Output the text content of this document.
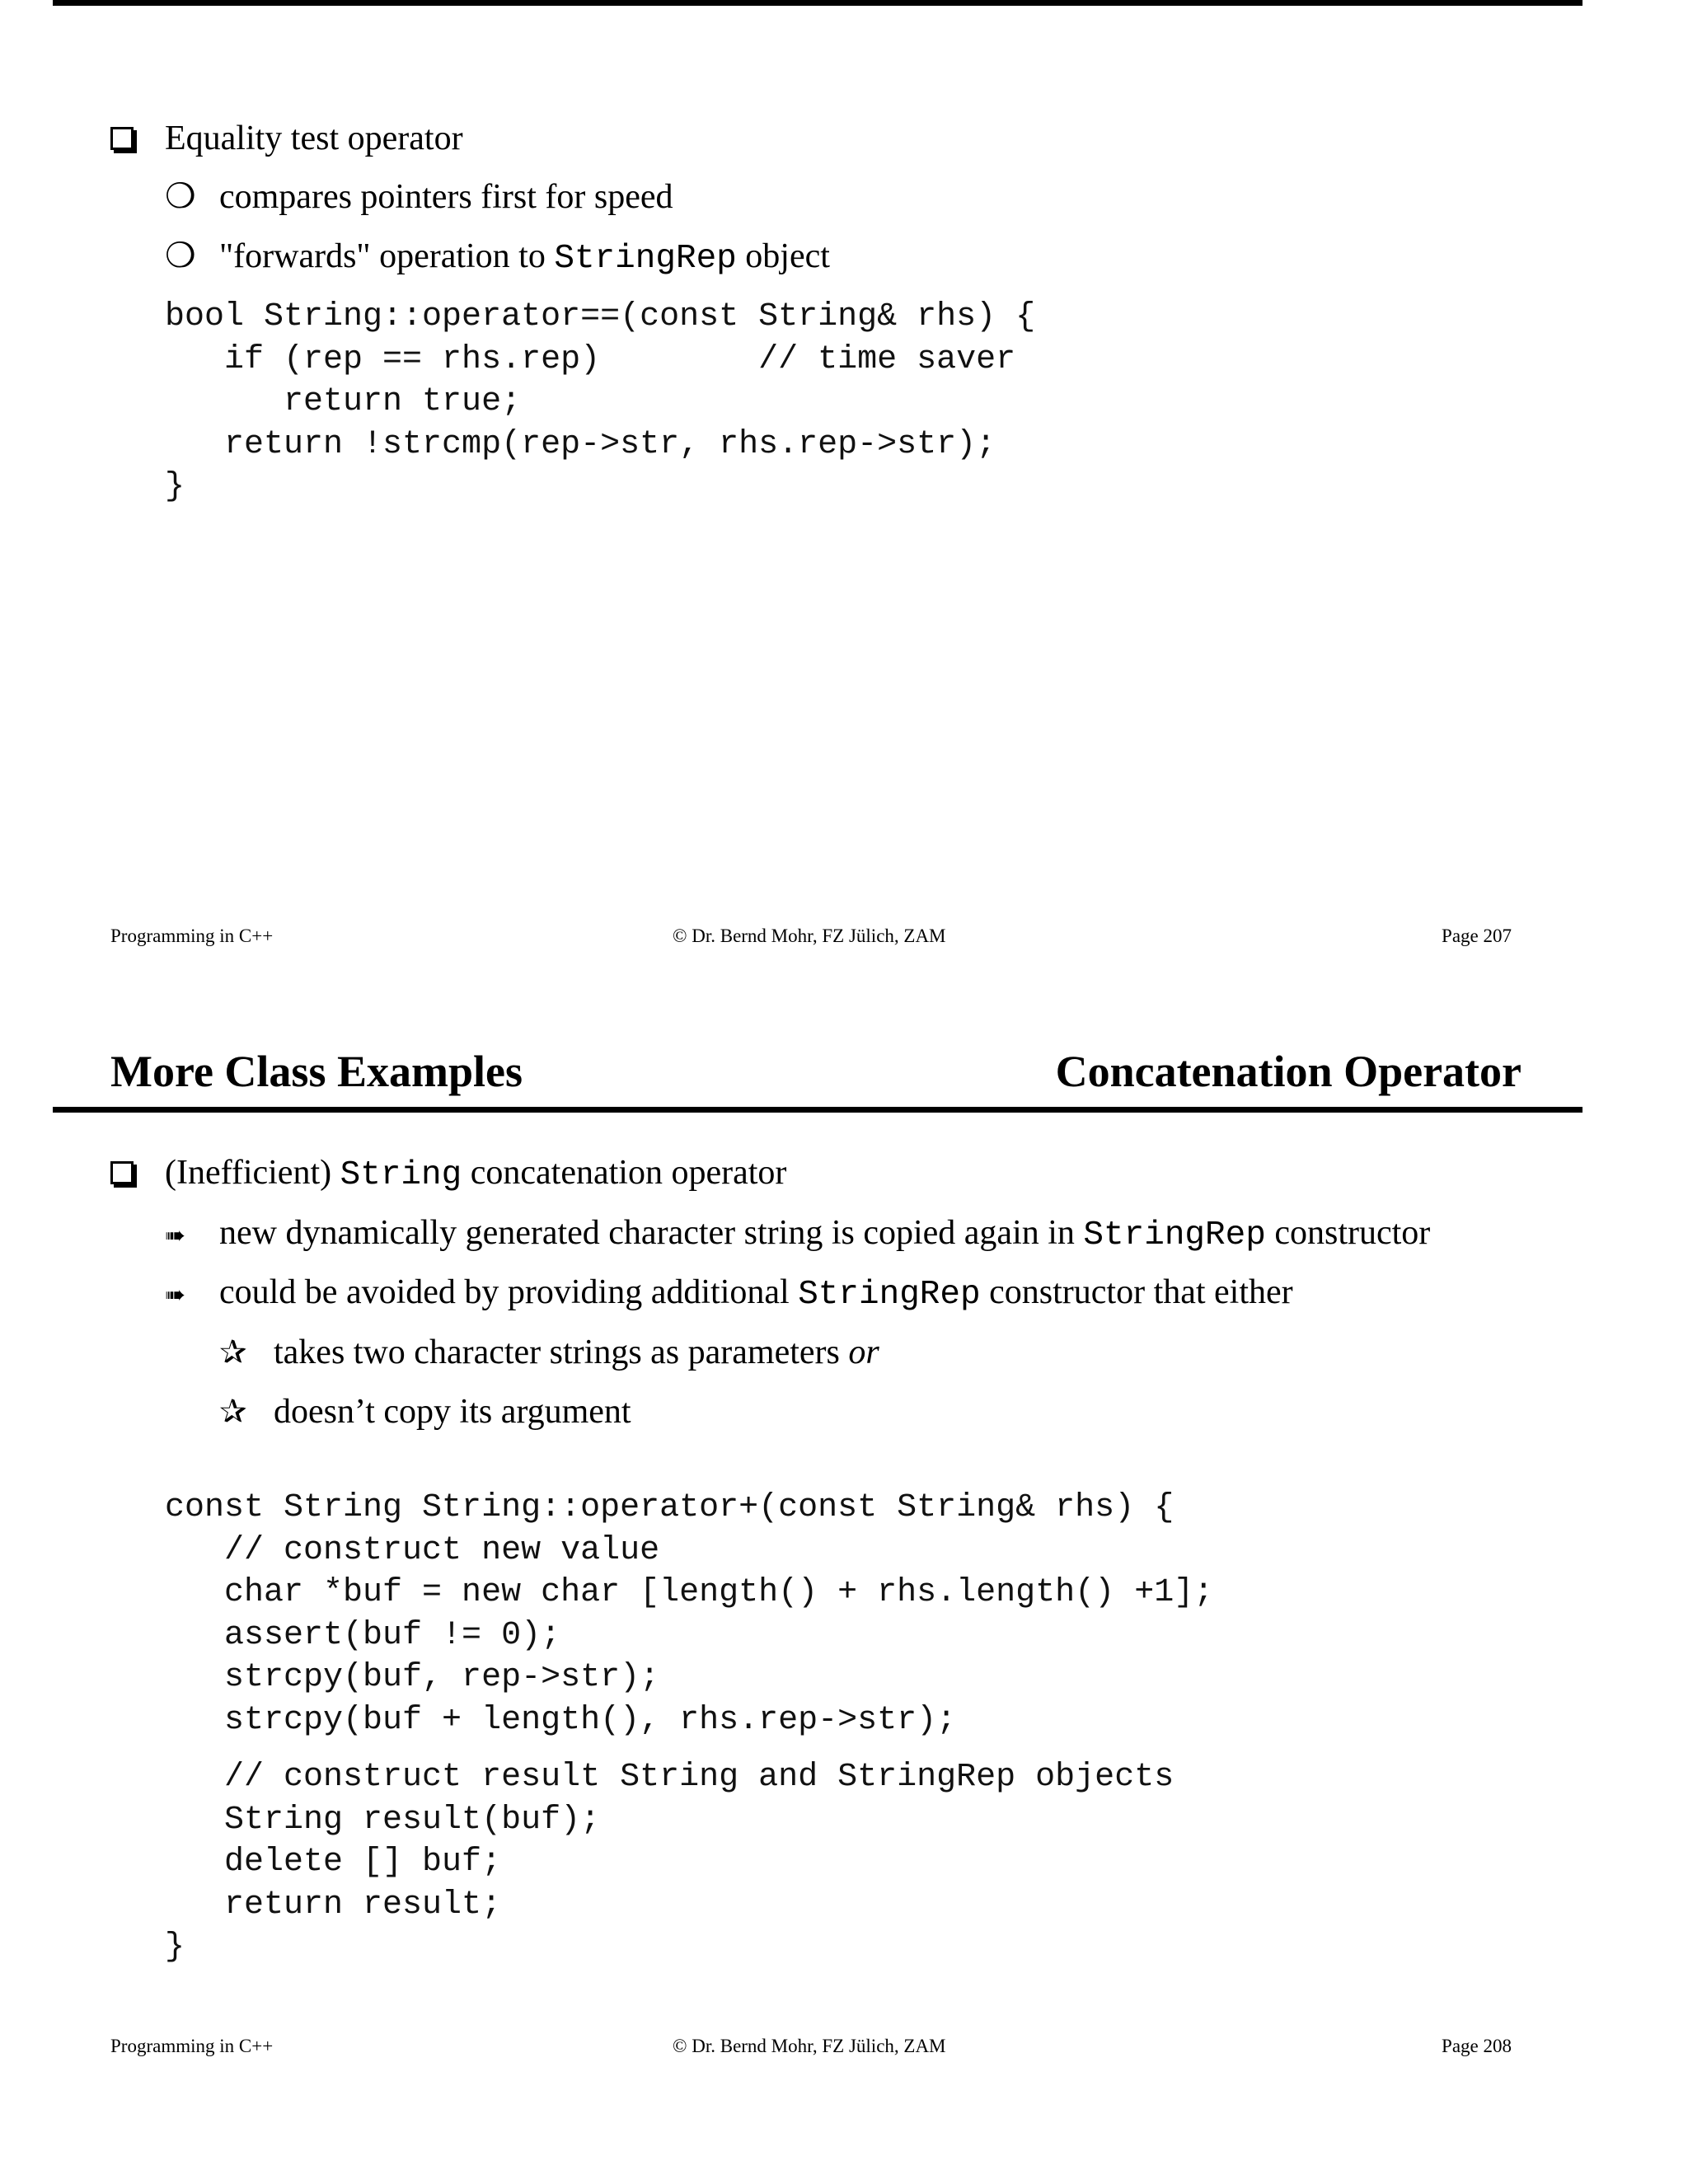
Equality test operator
❍ compares pointers first for speed
❍ "forwards" operation to StringRep object
bool String::operator==(const String& rhs) {
if (rep == rhs.rep)        // time saver
return true;
return !strcmp(rep->str, rhs.rep->str);
}
Programming in C++	© Dr. Bernd Mohr, FZ Jülich, ZAM	Page 207
More Class Examples	Concatenation Operator
(Inefficient) String concatenation operator
➠ new dynamically generated character string is copied again in StringRep constructor
➠ could be avoided by providing additional StringRep constructor that either
✰ takes two character strings as parameters or
✰ doesn’t copy its argument
const String String::operator+(const String& rhs) {
// construct new value
char *buf = new char [length() + rhs.length() +1];
assert(buf != 0);
strcpy(buf, rep->str);
strcpy(buf + length(), rhs.rep->str);
// construct result String and StringRep objects
String result(buf);
delete [] buf;
return result;
}
Programming in C++	© Dr. Bernd Mohr, FZ Jülich, ZAM	Page 208
